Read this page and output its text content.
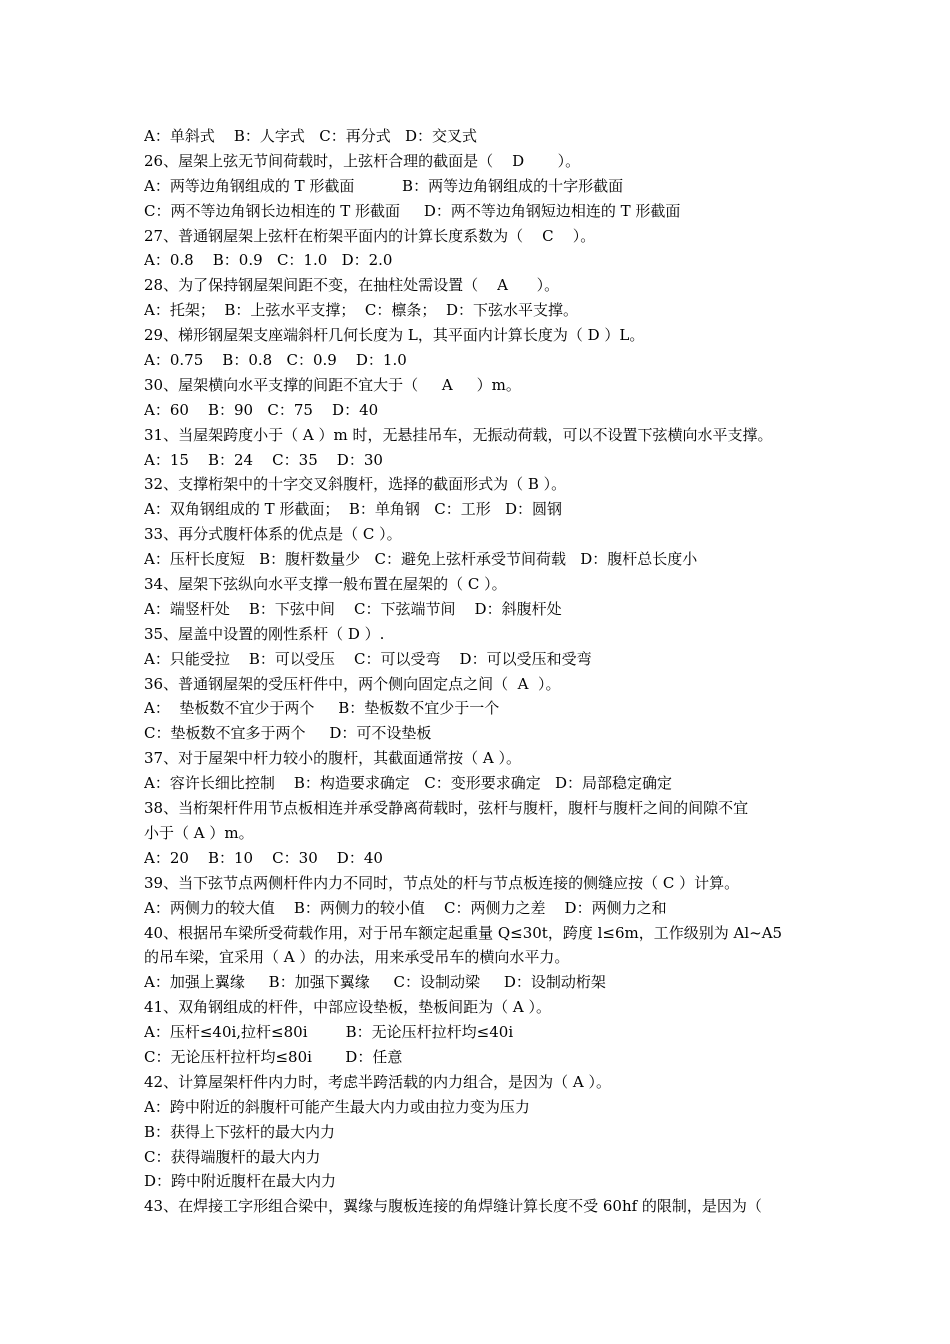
A：单斜式    B：人字式   C：再分式   D：交叉式
26、屋架上弦无节间荷载时，上弦杆合理的截面是（    D       ）。
A：两等边角钢组成的 T 形截面          B：两等边角钢组成的十字形截面
C：两不等边角钢长边相连的 T 形截面     D：两不等边角钢短边相连的 T 形截面
27、普通钢屋架上弦杆在桁架平面内的计算长度系数为（    C    ）。
A：0.8    B：0.9   C：1.0   D：2.0
28、为了保持钢屋架间距不变，在抽柱处需设置（    A      ）。
A：托架；  B：上弦水平支撑；  C：檩条；  D：下弦水平支撑。
29、梯形钢屋架支座端斜杆几何长度为 L，其平面内计算长度为（ D ）L。
A：0.75    B：0.8   C：0.9    D：1.0
30、屋架横向水平支撑的间距不宜大于（     A     ）m。
A：60    B：90   C：75    D：40
31、当屋架跨度小于（ A ）m 时，无悬挂吊车，无振动荷载，可以不设置下弦横向水平支撑。
A：15    B：24    C：35    D：30
32、支撑桁架中的十字交叉斜腹杆，选择的截面形式为（ B ）。
A：双角钢组成的 T 形截面；  B：单角钢   C：工形   D：圆钢
33、再分式腹杆体系的优点是（ C ）。
A：压杆长度短   B：腹杆数量少   C：避免上弦杆承受节间荷载   D：腹杆总长度小
34、屋架下弦纵向水平支撑一般布置在屋架的（ C ）。
A：端竖杆处    B：下弦中间    C：下弦端节间    D：斜腹杆处
35、屋盖中设置的刚性系杆（ D ）.
A：只能受拉    B：可以受压    C：可以受弯    D：可以受压和受弯
36、普通钢屋架的受压杆件中，两个侧向固定点之间（  A  ）。
A：  垫板数不宜少于两个     B：垫板数不宜少于一个
C：垫板数不宜多于两个     D：可不设垫板
37、对于屋架中杆力较小的腹杆，其截面通常按（ A ）。
A：容许长细比控制    B：构造要求确定   C：变形要求确定   D：局部稳定确定
38、当桁架杆件用节点板相连并承受静离荷载时，弦杆与腹杆，腹杆与腹杆之间的间隙不宜
小于（ A ）m。
A：20    B：10    C：30    D：40
39、当下弦节点两侧杆件内力不同时，节点处的杆与节点板连接的侧缝应按（ C ）计算。
A：两侧力的较大值    B：两侧力的较小值    C：两侧力之差    D：两侧力之和
40、根据吊车梁所受荷载作用，对于吊车额定起重量 Q≤30t，跨度 l≤6m，工作级别为 Al~A5
的吊车梁，宜采用（ A ）的办法，用来承受吊车的横向水平力。
A：加强上翼缘     B：加强下翼缘     C：设制动梁     D：设制动桁架
41、双角钢组成的杆件，中部应设垫板，垫板间距为（ A ）。
A：压杆≤40i,拉杆≤80i        B：无论压杆拉杆均≤40i
C：无论压杆拉杆均≤80i       D：任意
42、计算屋架杆件内力时，考虑半跨活载的内力组合，是因为（ A ）。
A：跨中附近的斜腹杆可能产生最大内力或由拉力变为压力
B：获得上下弦杆的最大内力
C：获得端腹杆的最大内力
D：跨中附近腹杆在最大内力
43、在焊接工字形组合梁中，翼缘与腹板连接的角焊缝计算长度不受 60hf 的限制，是因为（
